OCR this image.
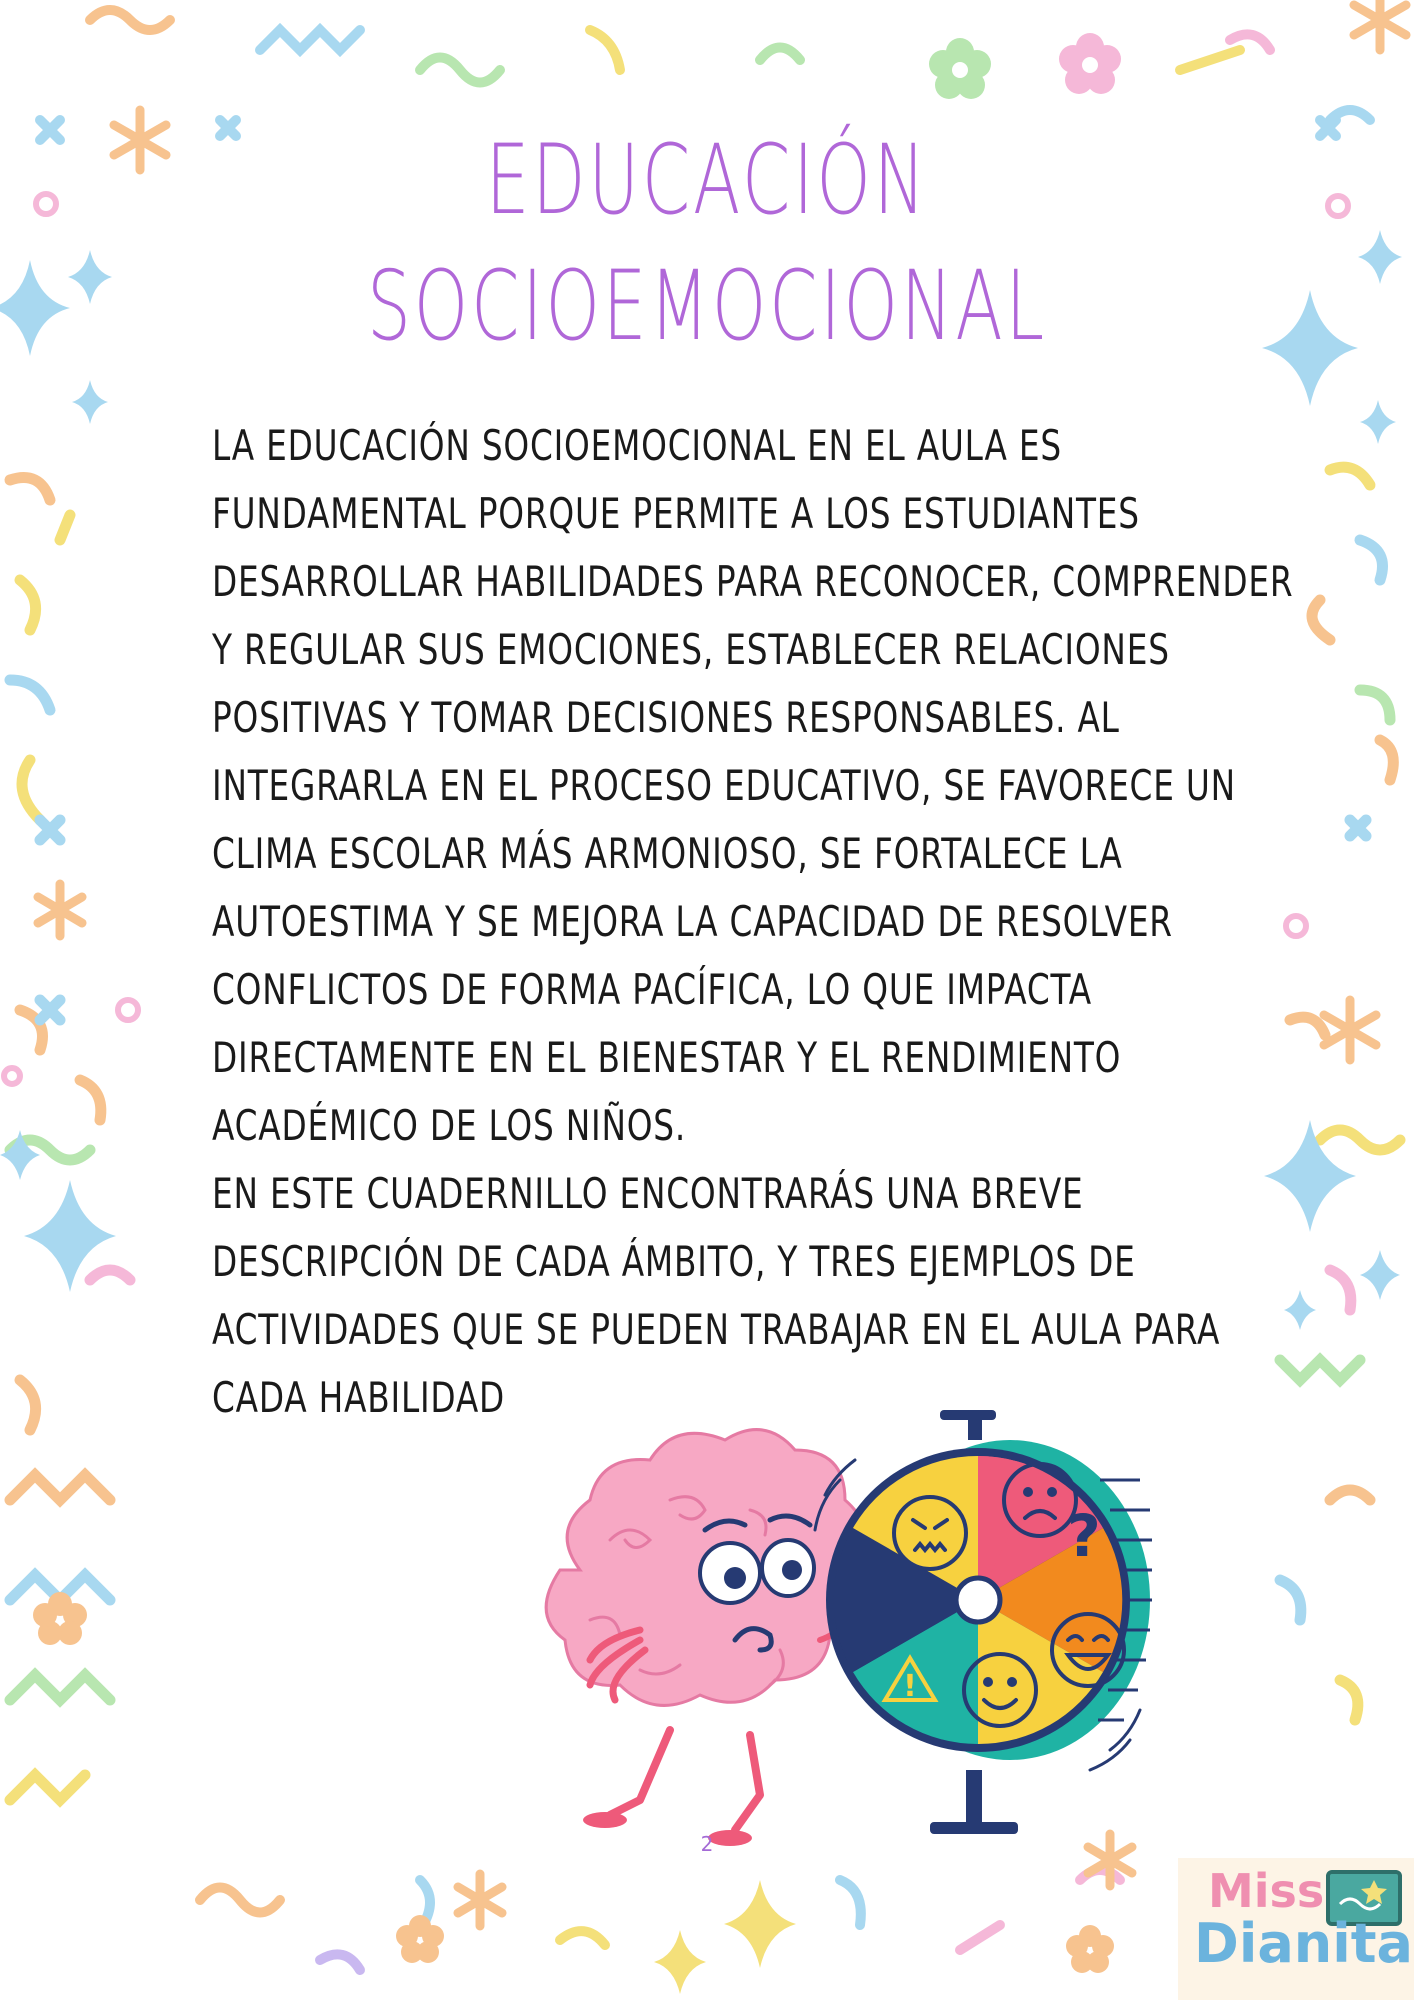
EDUCACIÓN
SOCIOEMOCIONAL
LA EDUCACIÓN SOCIOEMOCIONAL EN EL AULA ES
FUNDAMENTAL PORQUE PERMITE A LOS ESTUDIANTES
DESARROLLAR HABILIDADES PARA RECONOCER, COMPRENDER
Y REGULAR SUS EMOCIONES, ESTABLECER RELACIONES
POSITIVAS Y TOMAR DECISIONES RESPONSABLES. AL
INTEGRARLA EN EL PROCESO EDUCATIVO, SE FAVORECE UN
CLIMA ESCOLAR MÁS ARMONIOSO, SE FORTALECE LA
AUTOESTIMA Y SE MEJORA LA CAPACIDAD DE RESOLVER
CONFLICTOS DE FORMA PACÍFICA, LO QUE IMPACTA
DIRECTAMENTE EN EL BIENESTAR Y EL RENDIMIENTO
ACADÉMICO DE LOS NIÑOS.
EN ESTE CUADERNILLO ENCONTRARÁS UNA BREVE
DESCRIPCIÓN DE CADA ÁMBITO, Y TRES EJEMPLOS DE
ACTIVIDADES QUE SE PUEDEN TRABAJAR EN EL AULA PARA
CADA HABILIDAD
!
?
2
Miss
Dianita
